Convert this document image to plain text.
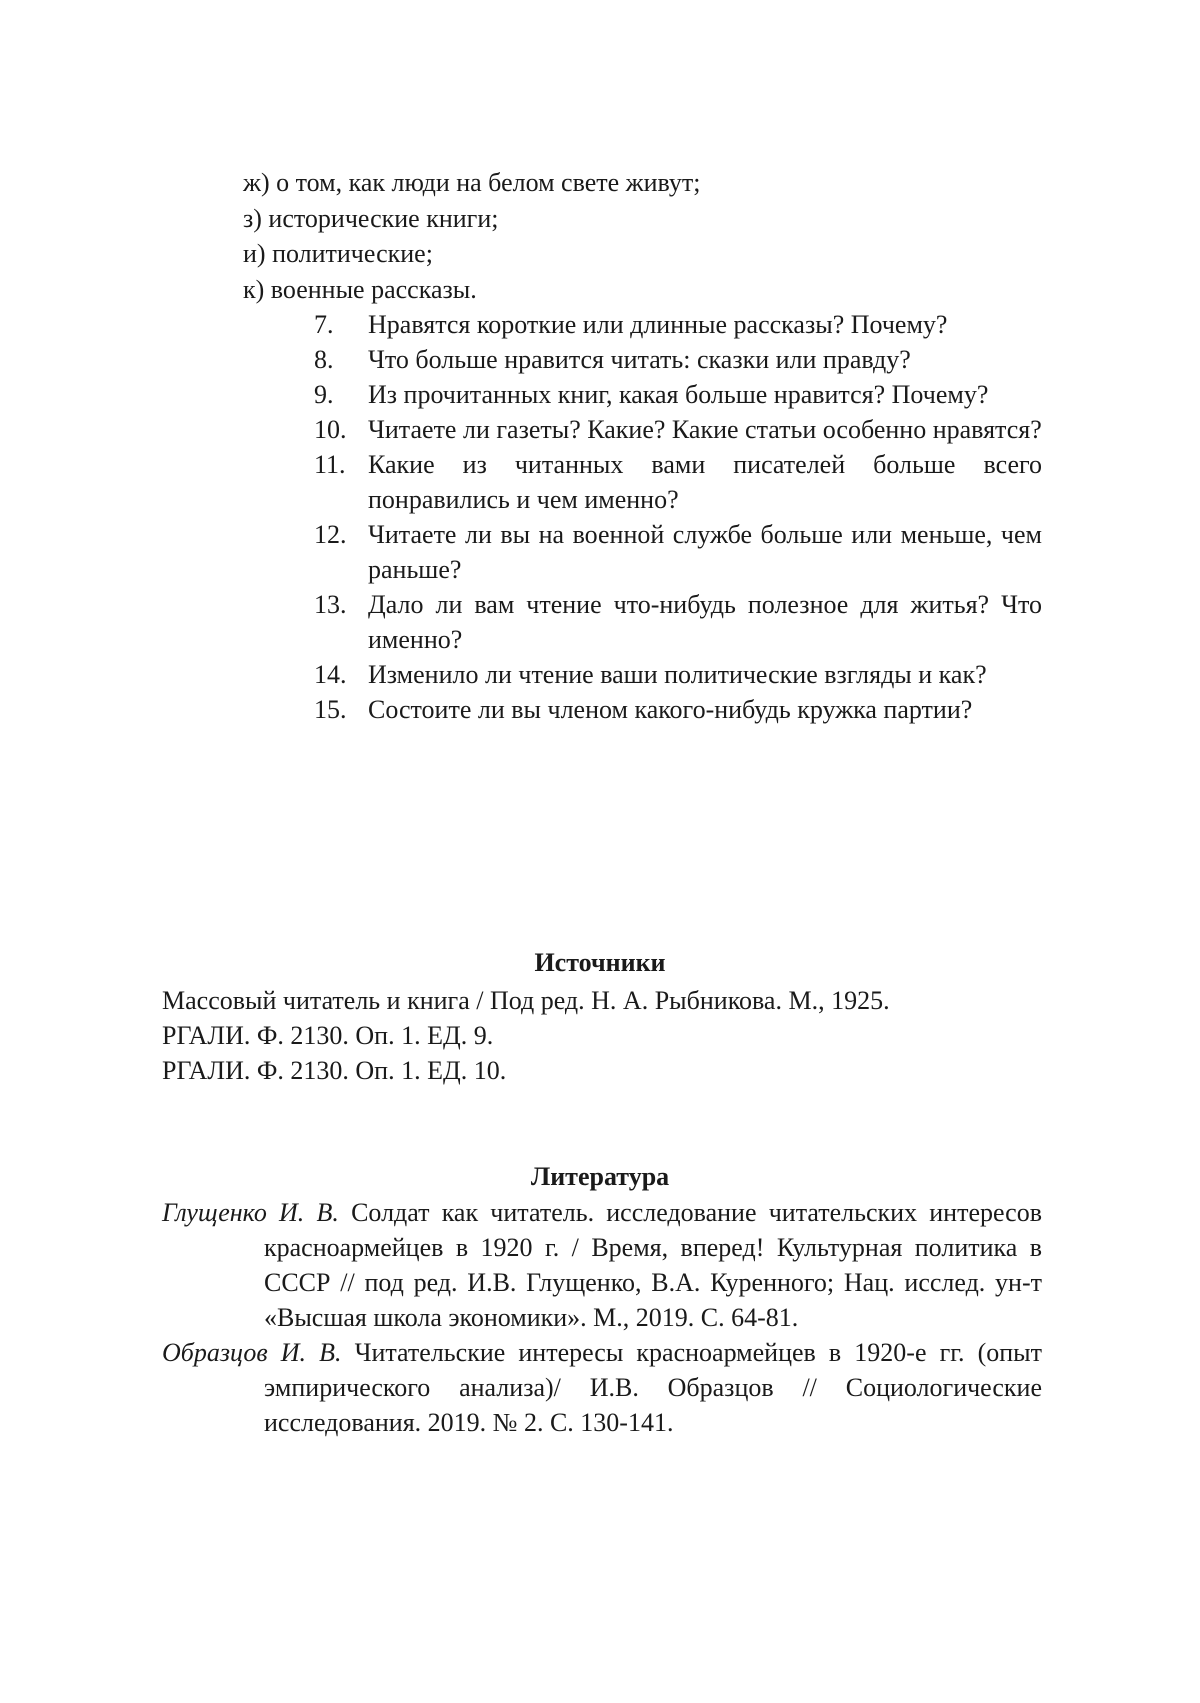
ж) о том, как люди на белом свете живут;
з) исторические книги;
и) политические;
к) военные рассказы.
7.	Нравятся короткие или длинные рассказы? Почему?
8.	Что больше нравится читать: сказки или правду?
9.	Из прочитанных книг, какая больше нравится? Почему?
10. Читаете ли газеты? Какие? Какие статьи особенно нравятся?
11. Какие из читанных вами писателей больше всего понравились и чем именно?
12. Читаете ли вы на военной службе больше или меньше, чем раньше?
13. Дало ли вам чтение что-нибудь полезное для житья? Что именно?
14. Изменило ли чтение ваши политические взгляды и как?
15. Состоите ли вы членом какого-нибудь кружка партии?
Источники
Массовый читатель и книга / Под ред. Н. А. Рыбникова. М., 1925.
РГАЛИ. Ф. 2130. Оп. 1. ЕД. 9.
РГАЛИ. Ф. 2130. Оп. 1. ЕД. 10.
Литература
Глущенко И. В. Солдат как читатель. исследование читательских интересов красноармейцев в 1920 г. / Время, вперед! Культурная политика в СССР // под ред. И.В. Глущенко, В.А. Куренного; Нац. исслед. ун-т «Высшая школа экономики». М., 2019. С. 64-81.
Образцов И. В. Читательские интересы красноармейцев в 1920-е гг. (опыт эмпирического анализа)/ И.В. Образцов // Социологические исследования. 2019. № 2. С. 130-141.
